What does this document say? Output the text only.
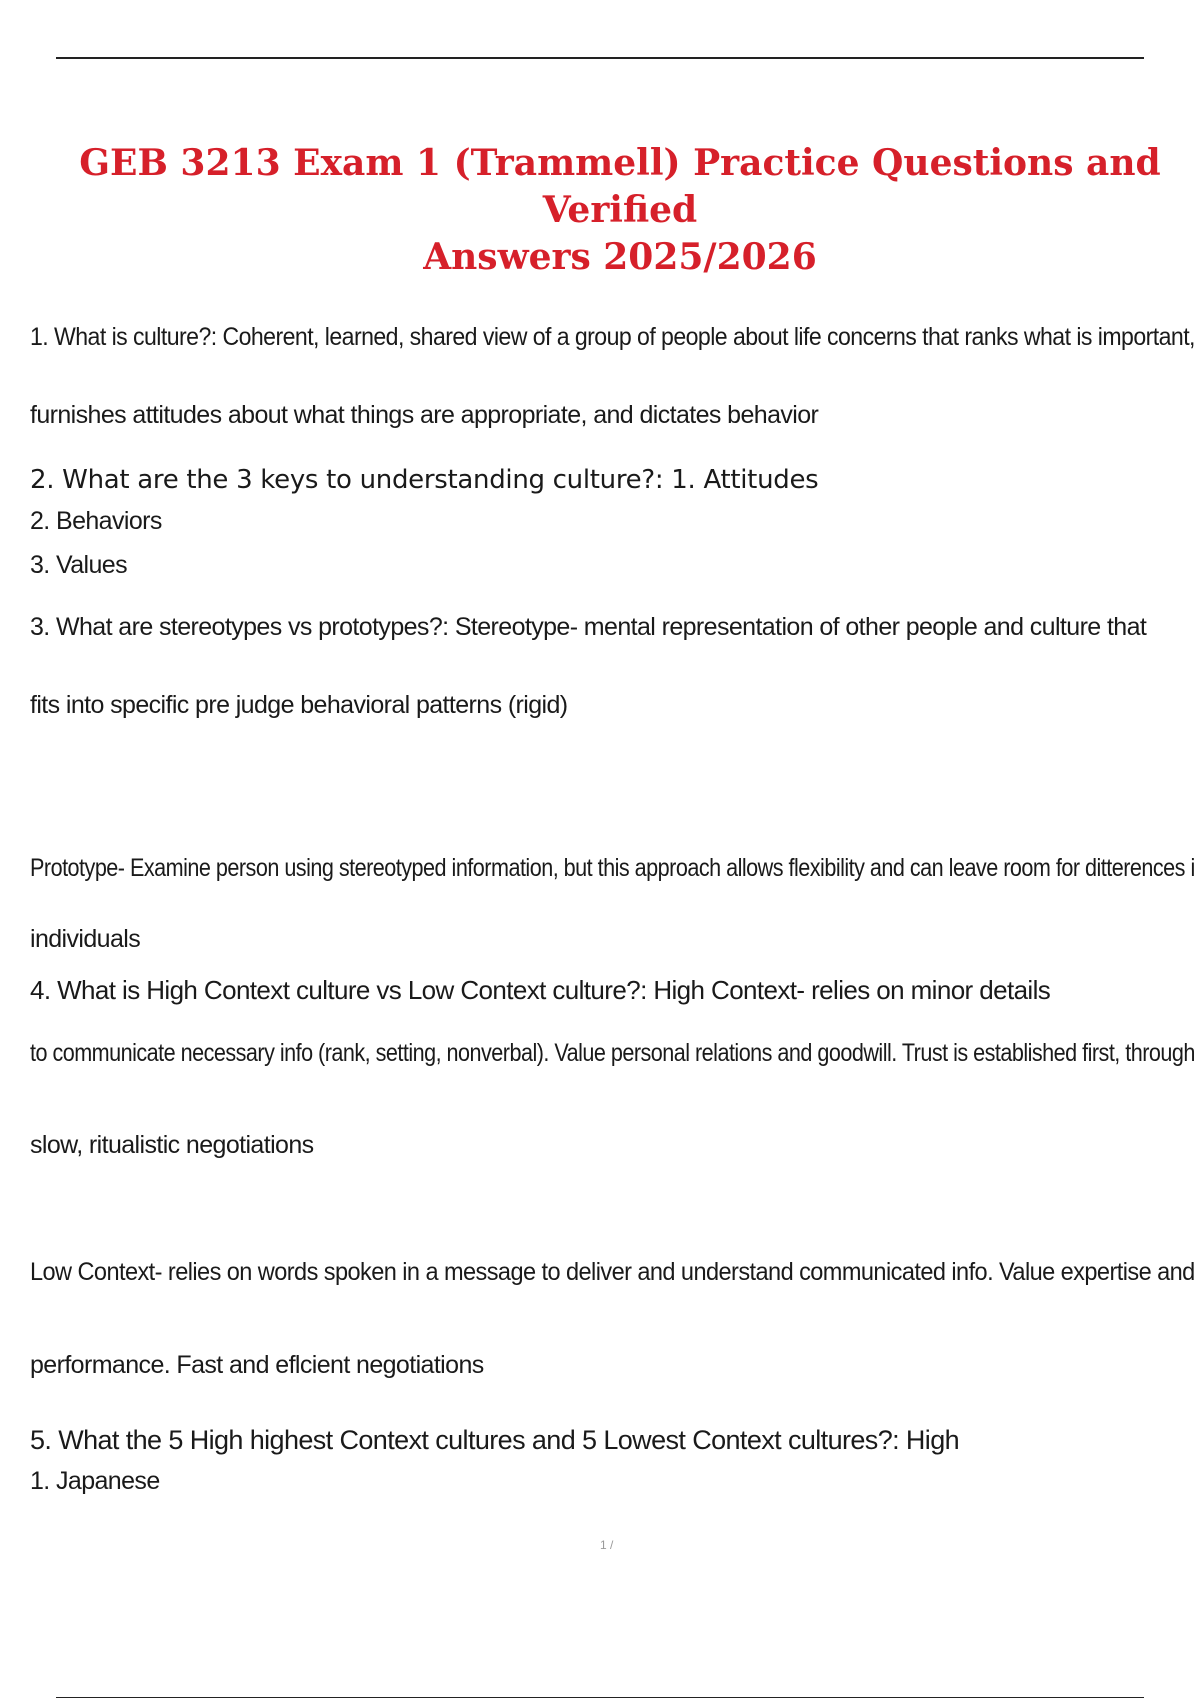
GEB 3213 Exam 1 (Trammell) Practice Questions and Verified
Answers 2025/2026
1. What is culture?: Coherent, learned, shared view of a group of people about life concerns that ranks what is important,
furnishes attitudes about what things are appropriate, and dictates behavior
2. What are the 3 keys to understanding culture?: 1. Attitudes
2. Behaviors
3. Values
3. What are stereotypes vs prototypes?: Stereotype- mental representation of other people and culture that
fits into specific pre judge behavioral patterns (rigid)
Prototype- Examine person using stereotyped information, but this approach allows flexibility and can leave room for ditterences i
individuals
4. What is High Context culture vs Low Context culture?: High Context- relies on minor details
to communicate necessary info (rank, setting, nonverbal). Value personal relations and goodwill. Trust is established first, through
slow, ritualistic negotiations
Low Context- relies on words spoken in a message to deliver and understand communicated info. Value expertise and
performance. Fast and eflcient negotiations
5. What the 5 High highest Context cultures and 5 Lowest Context cultures?: High
1. Japanese
1 /
